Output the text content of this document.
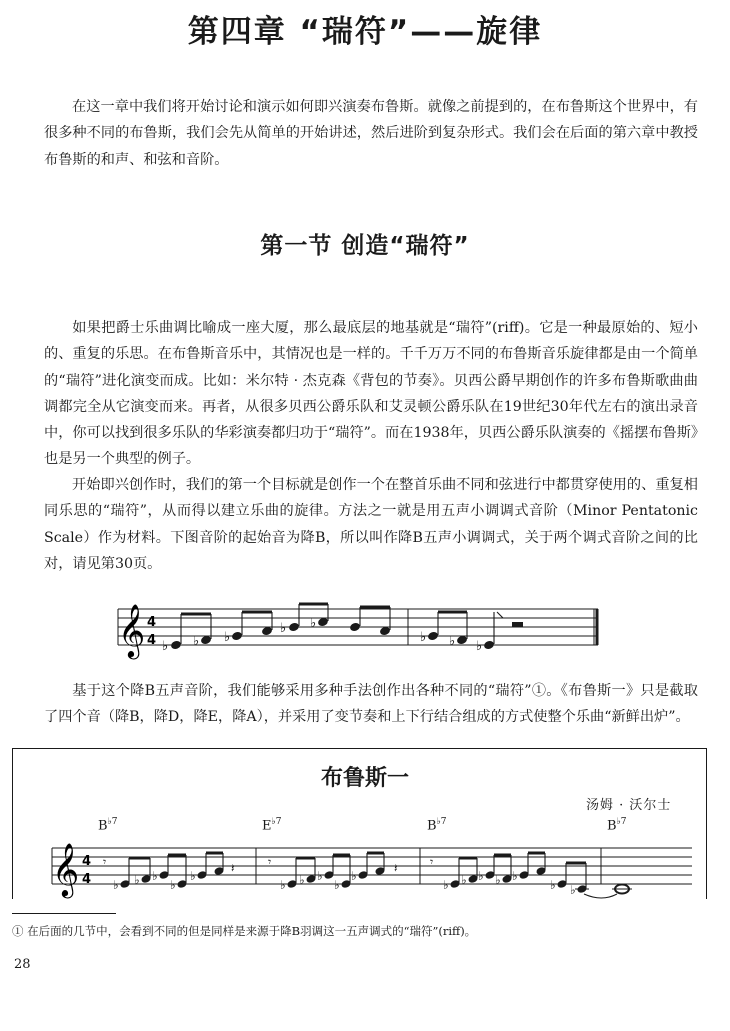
第四章 “瑞符”——旋律

在这一章中我们将开始讨论和演示如何即兴演奏布鲁斯。就像之前提到的，在布鲁斯这个世界中，有很多种不同的布鲁斯，我们会先从简单的开始讲述，然后进阶到复杂形式。我们会在后面的第六章中教授布鲁斯的和声、和弦和音阶。

第一节 创造“瑞符”

如果把爵士乐曲调比喻成一座大厦，那么最底层的地基就是“瑞符”(riff)。它是一种最原始的、短小的、重复的乐思。在布鲁斯音乐中，其情况也是一样的。千千万万不同的布鲁斯音乐旋律都是由一个简单的“瑞符”进化演变而成。比如：米尔特 · 杰克森《背包的节奏》。贝西公爵早期创作的许多布鲁斯歌曲曲调都完全从它演变而来。再者，从很多贝西公爵乐队和艾灵顿公爵乐队在19世纪30年代左右的演出录音中，你可以找到很多乐队的华彩演奏都归功于“瑞符”。而在1938年，贝西公爵乐队演奏的《摇摆布鲁斯》也是另一个典型的例子。

开始即兴创作时，我们的第一个目标就是创作一个在整首乐曲不同和弦进行中都贯穿使用的、重复相同乐思的“瑞符”，从而得以建立乐曲的旋律。方法之一就是用五声小调调式音阶（Minor Pentatonic Scale）作为材料。下图音阶的起始音为降B，所以叫作降B五声小调调式，关于两个调式音阶之间的比对，请见第30页。

𝄞 4
4 ♭ ♭ ♭
♭ ♭
♭ ♭ ♭

基于这个降B五声音阶，我们能够采用多种手法创作出各种不同的“瑞符”①。《布鲁斯一》只是截取了四个音（降B，降D，降E，降A），并采用了变节奏和上下行结合组成的方式使整个乐曲“新鲜出炉”。

布鲁斯一
汤姆 · 沃尔士
$B^{♭7}$	$E^{♭7}$	$B^{♭7}$	$B^{♭7}$
𝄞 4
4
𝄾
♭ ♭ ♭
♭
♭
𝄽	𝄾
♭ ♭ ♭
♭
♭
𝄽	𝄾
♭ ♭ ♭ ♭ ♭
♭ ♭
① 在后面的几节中，会看到不同的但是同样是来源于降B羽调这一五声调式的“瑞符”(riff)。
28
